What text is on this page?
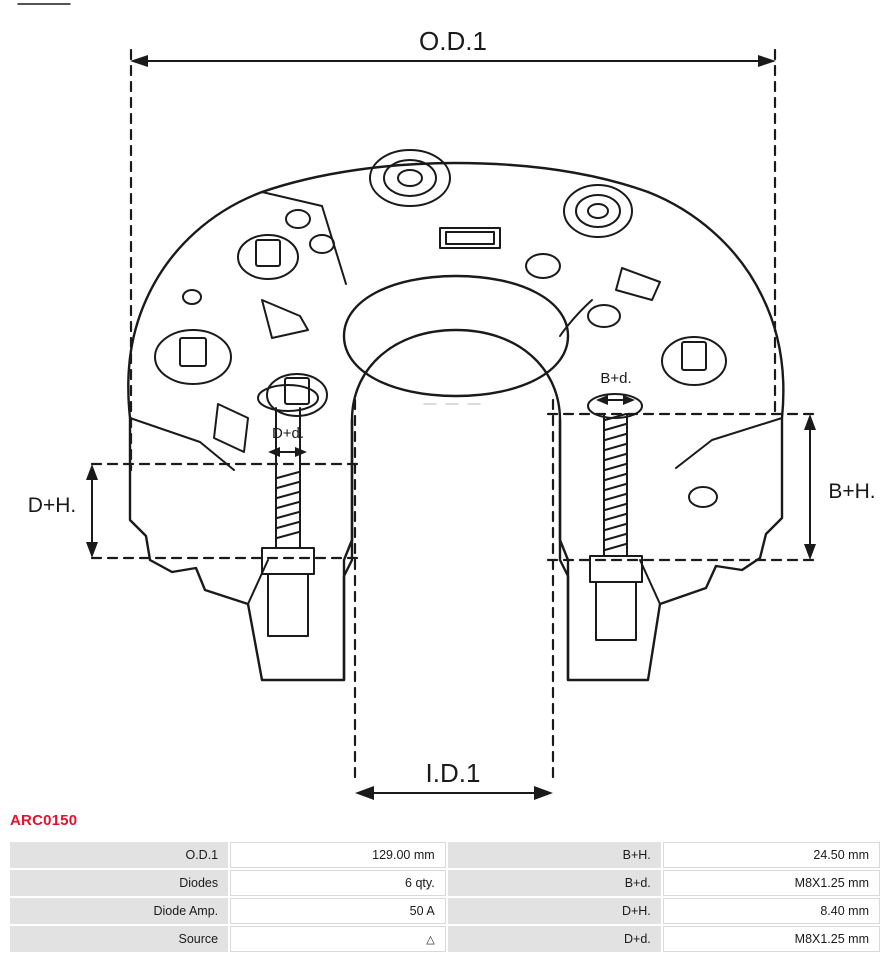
O.D.1
I.D.1
B+H.
D+H.
B+d.
D+d.
ARC0150
O.D.1	129.00 mm	B+H.	24.50 mm
Diodes	6 qty.	B+d.	M8X1.25 mm
Diode Amp.	50 A	D+H.	8.40 mm
Source	△	D+d.	M8X1.25 mm
